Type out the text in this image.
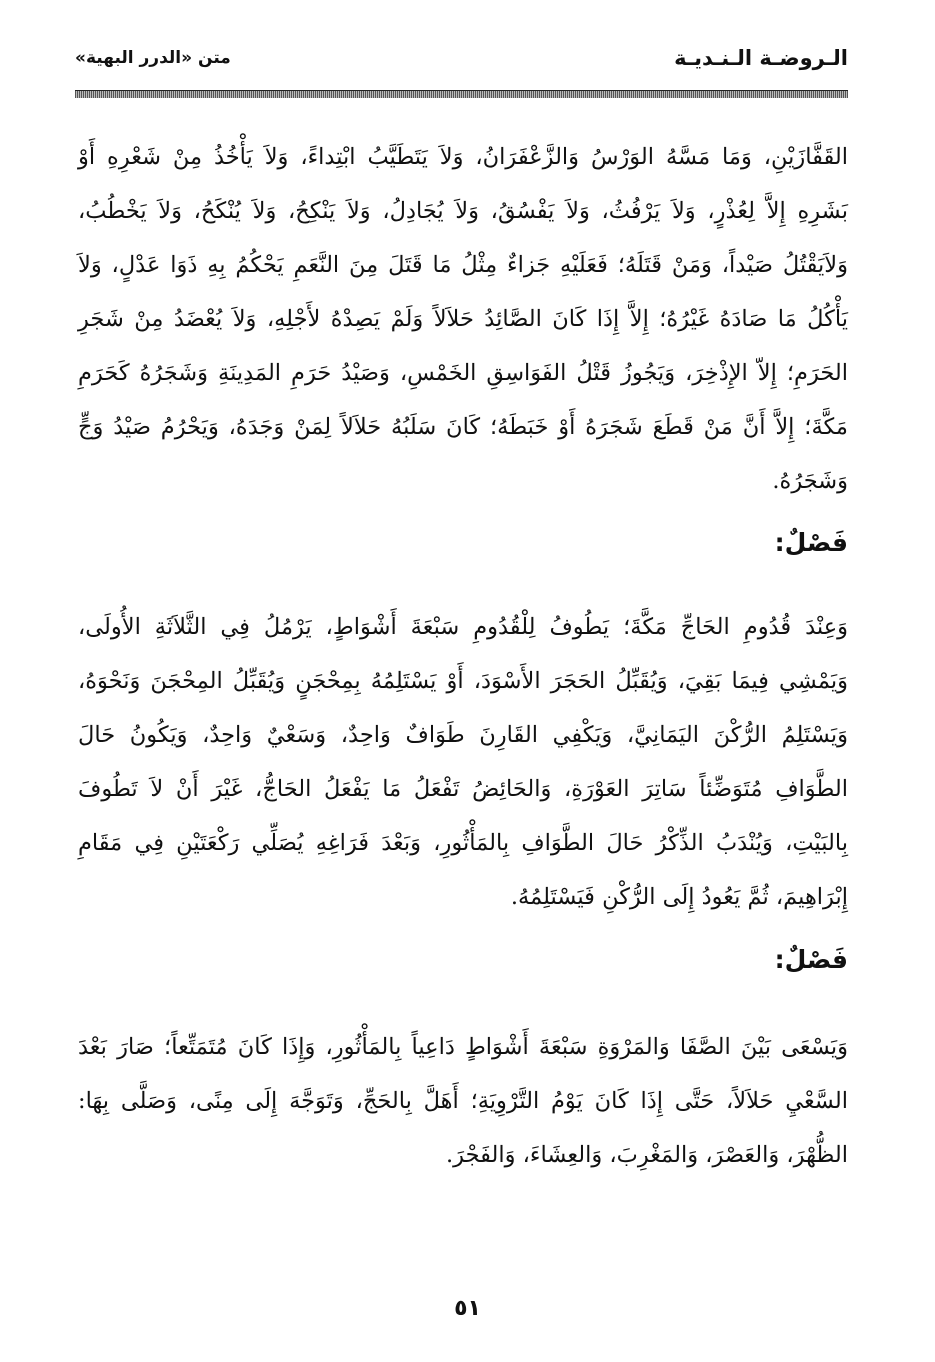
الـروضـة الـنـديـة
متن «الدرر البهية»

القَفَّازَيْنِ، وَمَا مَسَّهُ الوَرْسُ وَالزَّعْفَرَانُ، وَلاَ يَتَطَيَّبُ ابْتِداءً، وَلاَ يَأْخُذُ مِنْ شَعْرِهِ أَوْ بَشَرِهِ إِلاَّ لِعُذْرٍ، وَلاَ يَرْفُثُ، وَلاَ يَفْسُقُ، وَلاَ يُجَادِلُ، وَلاَ يَنْكِحُ، وَلاَ يُنْكَحُ، وَلاَ يَخْطُبُ، وَلاَيَقْتُلُ صَيْداً، وَمَنْ قَتَلَهُ؛ فَعَلَيْهِ جَزاءٌ مِثْلُ مَا قَتَلَ مِنَ النَّعَمِ يَحْكُمُ بِهِ ذَوَا عَدْلٍ، وَلاَ يَأْكُلُ مَا صَادَهُ غَيْرُهُ؛ إِلاَّ إِذَا كَانَ الصَّائِدُ حَلاَلاً وَلَمْ يَصِدْهُ لأَجْلِهِ، وَلاَ يُعْضَدُ مِنْ شَجَرِ الحَرَمِ؛ إِلاّ الإِذْخِرَ، وَيَجُوزُ قَتْلُ الفَوَاسِقِ الخَمْسِ، وَصَيْدُ حَرَمِ المَدِينَةِ وَشَجَرُهُ كَحَرَمِ مَكَّةَ؛ إِلاَّ أَنَّ مَنْ قَطَعَ شَجَرَهُ أَوْ خَبَطَهُ؛ كَانَ سَلَبُهُ حَلاَلاً لِمَنْ وَجَدَهُ، وَيَحْرُمُ صَيْدُ وَجٍّ وَشَجَرُهُ.

فَصْلٌ:

وَعِنْدَ قُدُومِ الحَاجِّ مَكَّةَ؛ يَطُوفُ لِلْقُدُومِ سَبْعَةَ أَشْوَاطٍ، يَرْمُلُ فِي الثَّلاَثَةِ الأُولَى، وَيَمْشِي فِيمَا بَقِيَ، وَيُقَبِّلُ الحَجَرَ الأَسْوَدَ، أَوْ يَسْتَلِمُهُ بِمِحْجَنٍ وَيُقَبِّلُ المِحْجَنَ وَنَحْوَهُ، وَيَسْتَلِمُ الرُّكْنَ اليَمَانِيَّ، وَيَكْفِي القَارِنَ طَوَافٌ وَاحِدٌ، وَسَعْيٌ وَاحِدٌ، وَيَكُونُ حَالَ الطَّوَافِ مُتَوَضِّئاً سَاتِرَ العَوْرَةِ، وَالحَائِضُ تَفْعَلُ مَا يَفْعَلُ الحَاجُّ، غَيْرَ أَنْ لاَ تَطُوفَ بِالبَيْتِ، وَيُنْدَبُ الذِّكْرُ حَالَ الطَّوَافِ بِالمَأْثُورِ، وَبَعْدَ فَرَاغِهِ يُصَلِّي رَكْعَتَيْنِ فِي مَقَامِ إِبْرَاهِيمَ، ثُمَّ يَعُودُ إِلَى الرُّكْنِ فَيَسْتَلِمُهُ.

فَصْلٌ:

وَيَسْعَى بَيْنَ الصَّفَا وَالمَرْوَةِ سَبْعَةَ أَشْوَاطٍ دَاعِياً بِالمَأْثُورِ، وَإِذَا كَانَ مُتَمَتِّعاً؛ صَارَ بَعْدَ السَّعْيِ حَلاَلاً، حَتَّى إِذَا كَانَ يَوْمُ التَّرْوِيَةِ؛ أَهَلَّ بِالحَجِّ، وَتَوَجَّهَ إِلَى مِنًى، وَصَلَّى بِهَا: الظُّهْرَ، وَالعَصْرَ، وَالمَغْرِبَ، وَالعِشَاءَ، وَالفَجْرَ.

٥١
